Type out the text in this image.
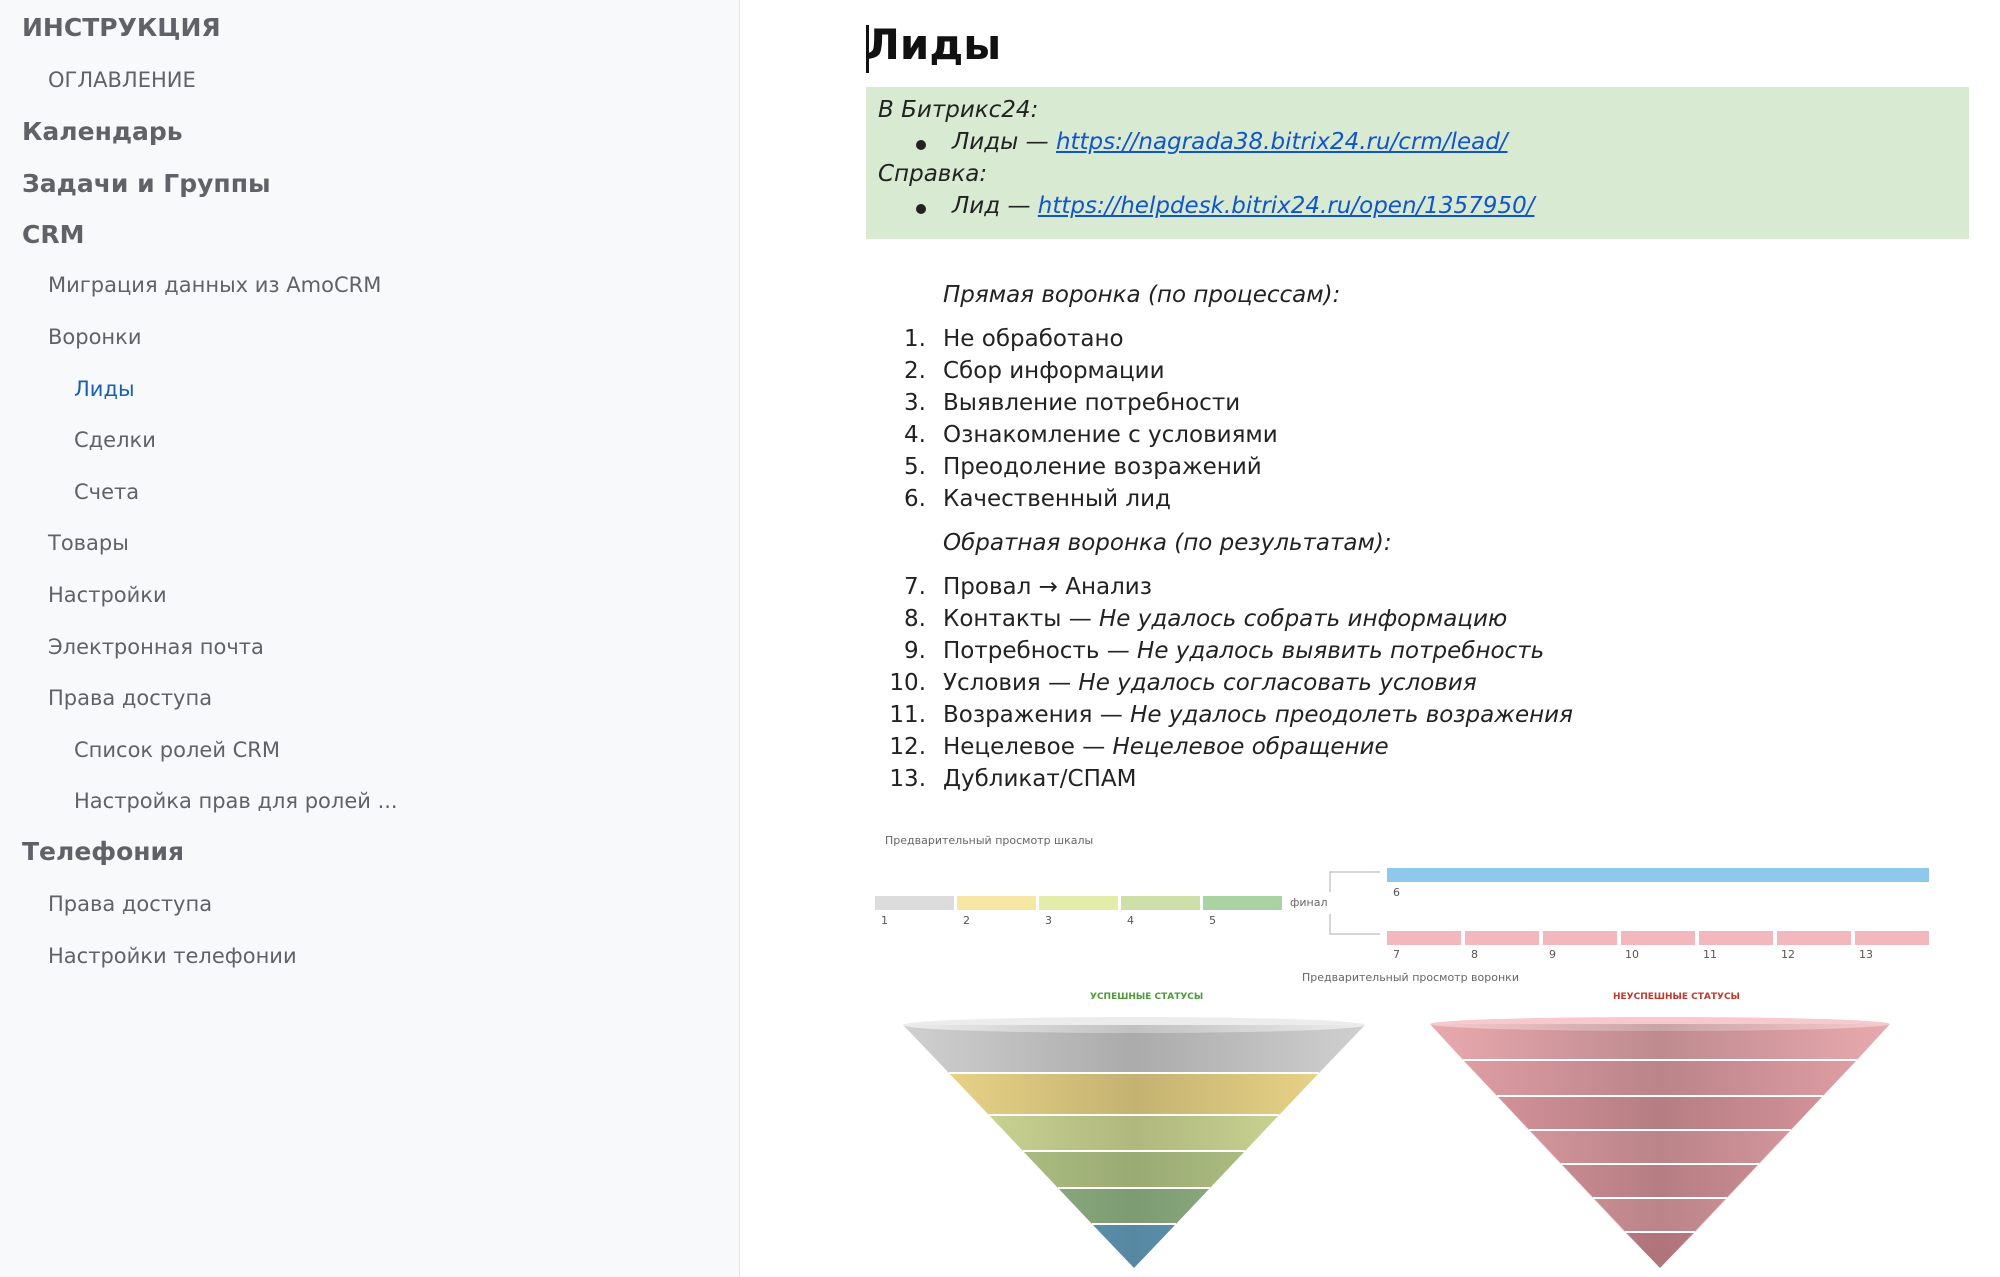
ИНСТРУКЦИЯ
ОГЛАВЛЕНИЕ
Календарь
Задачи и Группы
CRM
Миграция данных из AmoCRM
Воронки
Лиды
Сделки
Счета
Товары
Настройки
Электронная почта
Права доступа
Список ролей CRM
Настройка прав для ролей ...
Телефония
Права доступа
Настройки телефонии
Лиды
В Битрикс24:
Лиды — https://nagrada38.bitrix24.ru/crm/lead/
Справка:
Лид — https://helpdesk.bitrix24.ru/open/1357950/
Прямая воронка (по процессам):
1. Не обработано
2. Сбор информации
3. Выявление потребности
4. Ознакомление с условиями
5. Преодоление возражений
6. Качественный лид
Обратная воронка (по результатам):
7. Провал → Анализ
8. Контакты — Не удалось собрать информацию
9. Потребность — Не удалось выявить потребность
10. Условия — Не удалось согласовать условия
11. Возражения — Не удалось преодолеть возражения
12. Нецелевое — Нецелевое обращение
13. Дубликат/СПАМ
Предварительный просмотр шкалы
1	2	3	4	5
финал
6
7	8	9	10	11	12	13
Предварительный просмотр воронки
УСПЕШНЫЕ СТАТУСЫ	НЕУСПЕШНЫЕ СТАТУСЫ
